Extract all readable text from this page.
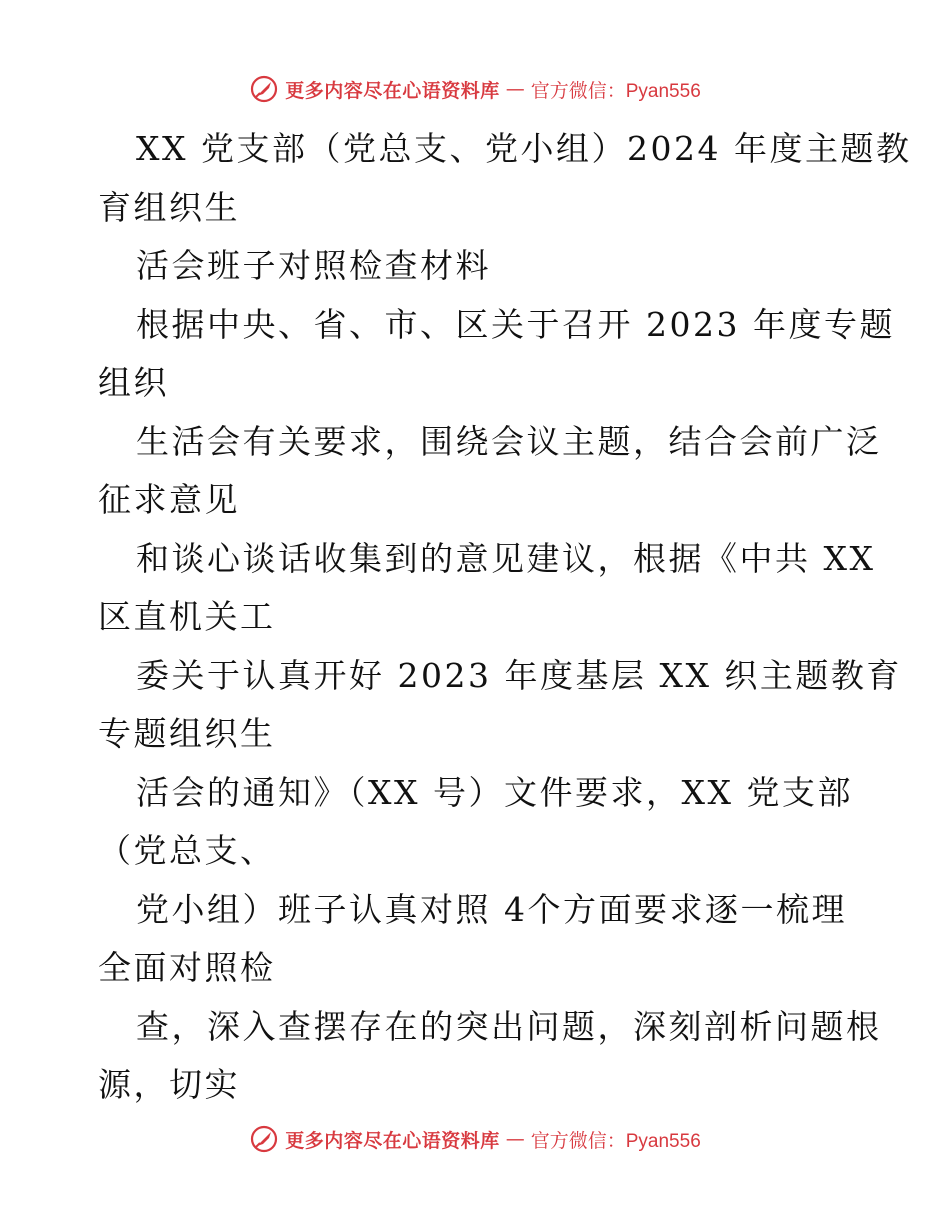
更多内容尽在心语资料库 — 官方微信：Pyan556
XX 党支部（党总支、党小组）2024 年度主题教
育组织生
活会班子对照检查材料
根据中央、省、市、区关于召开 2023 年度专题
组织
生活会有关要求，围绕会议主题，结合会前广泛
征求意见
和谈心谈话收集到的意见建议，根据《中共 XX
区直机关工
委关于认真开好 2023 年度基层 XX 织主题教育
专题组织生
活会的通知》（XX 号）文件要求，XX 党支部
（党总支、
党小组）班子认真对照 4个方面要求逐一梳理
全面对照检
查，深入查摆存在的突出问题，深刻剖析问题根
源，切实
更多内容尽在心语资料库 — 官方微信：Pyan556
